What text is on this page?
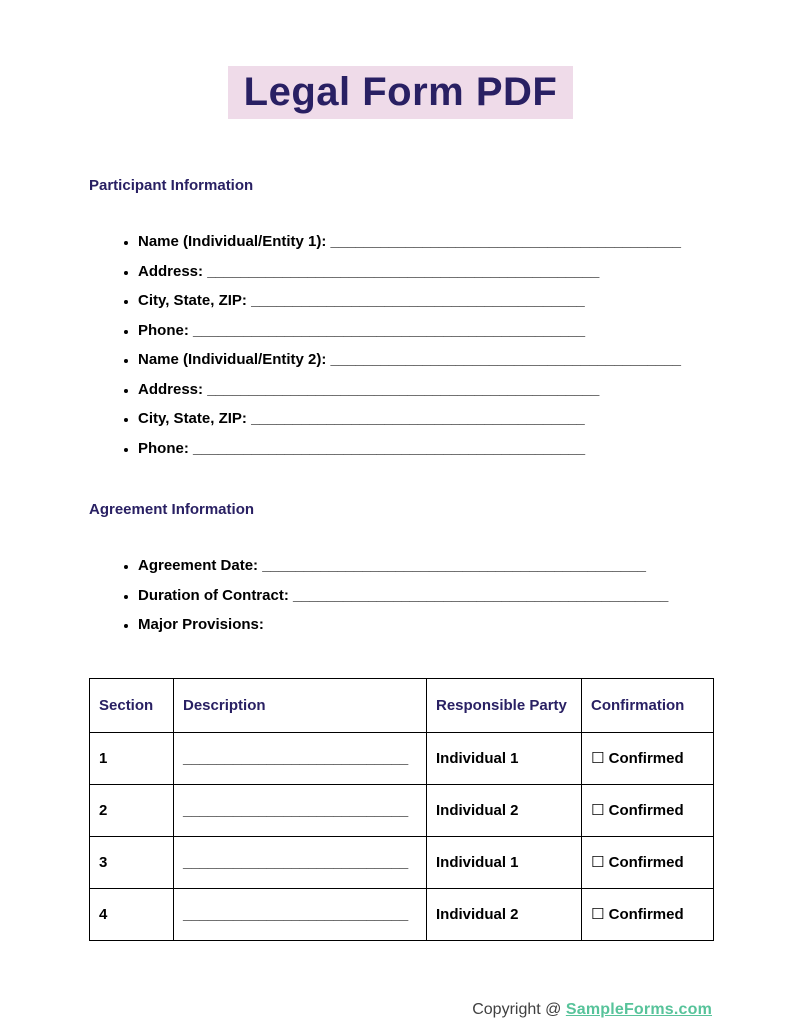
Legal Form PDF
Participant Information
• Name (Individual/Entity 1): __________________________________________
• Address: _______________________________________________
• City, State, ZIP: ________________________________________
• Phone: _______________________________________________
• Name (Individual/Entity 2): __________________________________________
• Address: _______________________________________________
• City, State, ZIP: ________________________________________
• Phone: _______________________________________________
Agreement Information
• Agreement Date: ______________________________________________
• Duration of Contract: _____________________________________________
• Major Provisions:
Section	Description	Responsible Party	Confirmation
1	___________________________	Individual 1	☐ Confirmed
2	___________________________	Individual 2	☐ Confirmed
3	___________________________	Individual 1	☐ Confirmed
4	___________________________	Individual 2	☐ Confirmed
Copyright @ SampleForms.com
